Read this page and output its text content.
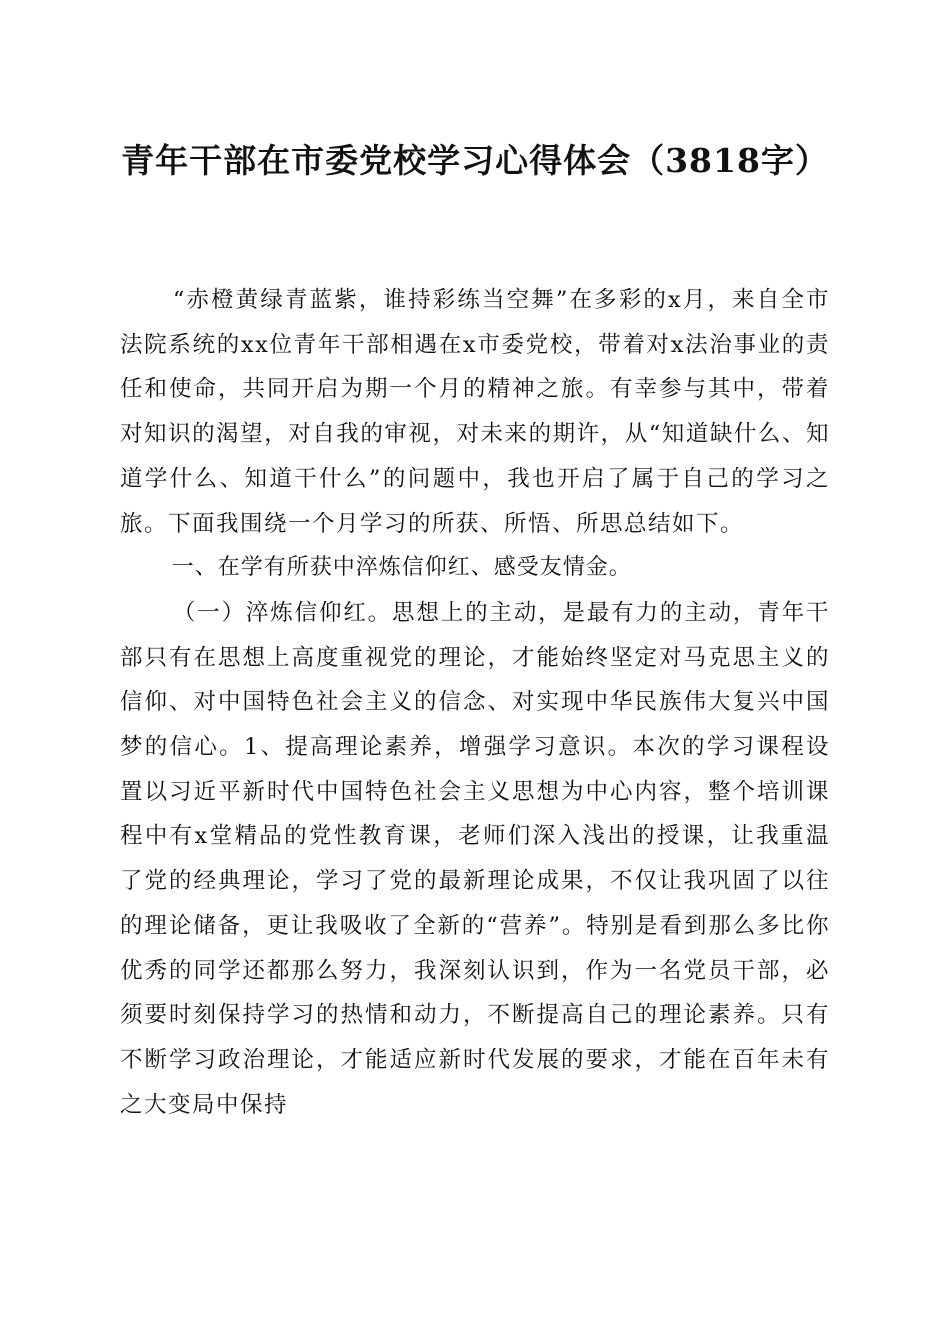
青年干部在市委党校学习心得体会（3818字）

“赤橙黄绿青蓝紫，谁持彩练当空舞”在多彩的x月，来自全市法院系统的xx位青年干部相遇在x市委党校，带着对x法治事业的责任和使命，共同开启为期一个月的精神之旅。有幸参与其中，带着对知识的渴望，对自我的审视，对未来的期许，从“知道缺什么、知道学什么、知道干什么”的问题中，我也开启了属于自己的学习之旅。下面我围绕一个月学习的所获、所悟、所思总结如下。

一、在学有所获中淬炼信仰红、感受友情金。

（一）淬炼信仰红。思想上的主动，是最有力的主动，青年干部只有在思想上高度重视党的理论，才能始终坚定对马克思主义的信仰、对中国特色社会主义的信念、对实现中华民族伟大复兴中国梦的信心。1、提高理论素养，增强学习意识。本次的学习课程设置以习近平新时代中国特色社会主义思想为中心内容，整个培训课程中有x堂精品的党性教育课，老师们深入浅出的授课，让我重温了党的经典理论，学习了党的最新理论成果，不仅让我巩固了以往的理论储备，更让我吸收了全新的“营养”。特别是看到那么多比你优秀的同学还都那么努力，我深刻认识到，作为一名党员干部，必须要时刻保持学习的热情和动力，不断提高自己的理论素养。只有不断学习政治理论，才能适应新时代发展的要求，才能在百年未有之大变局中保持
